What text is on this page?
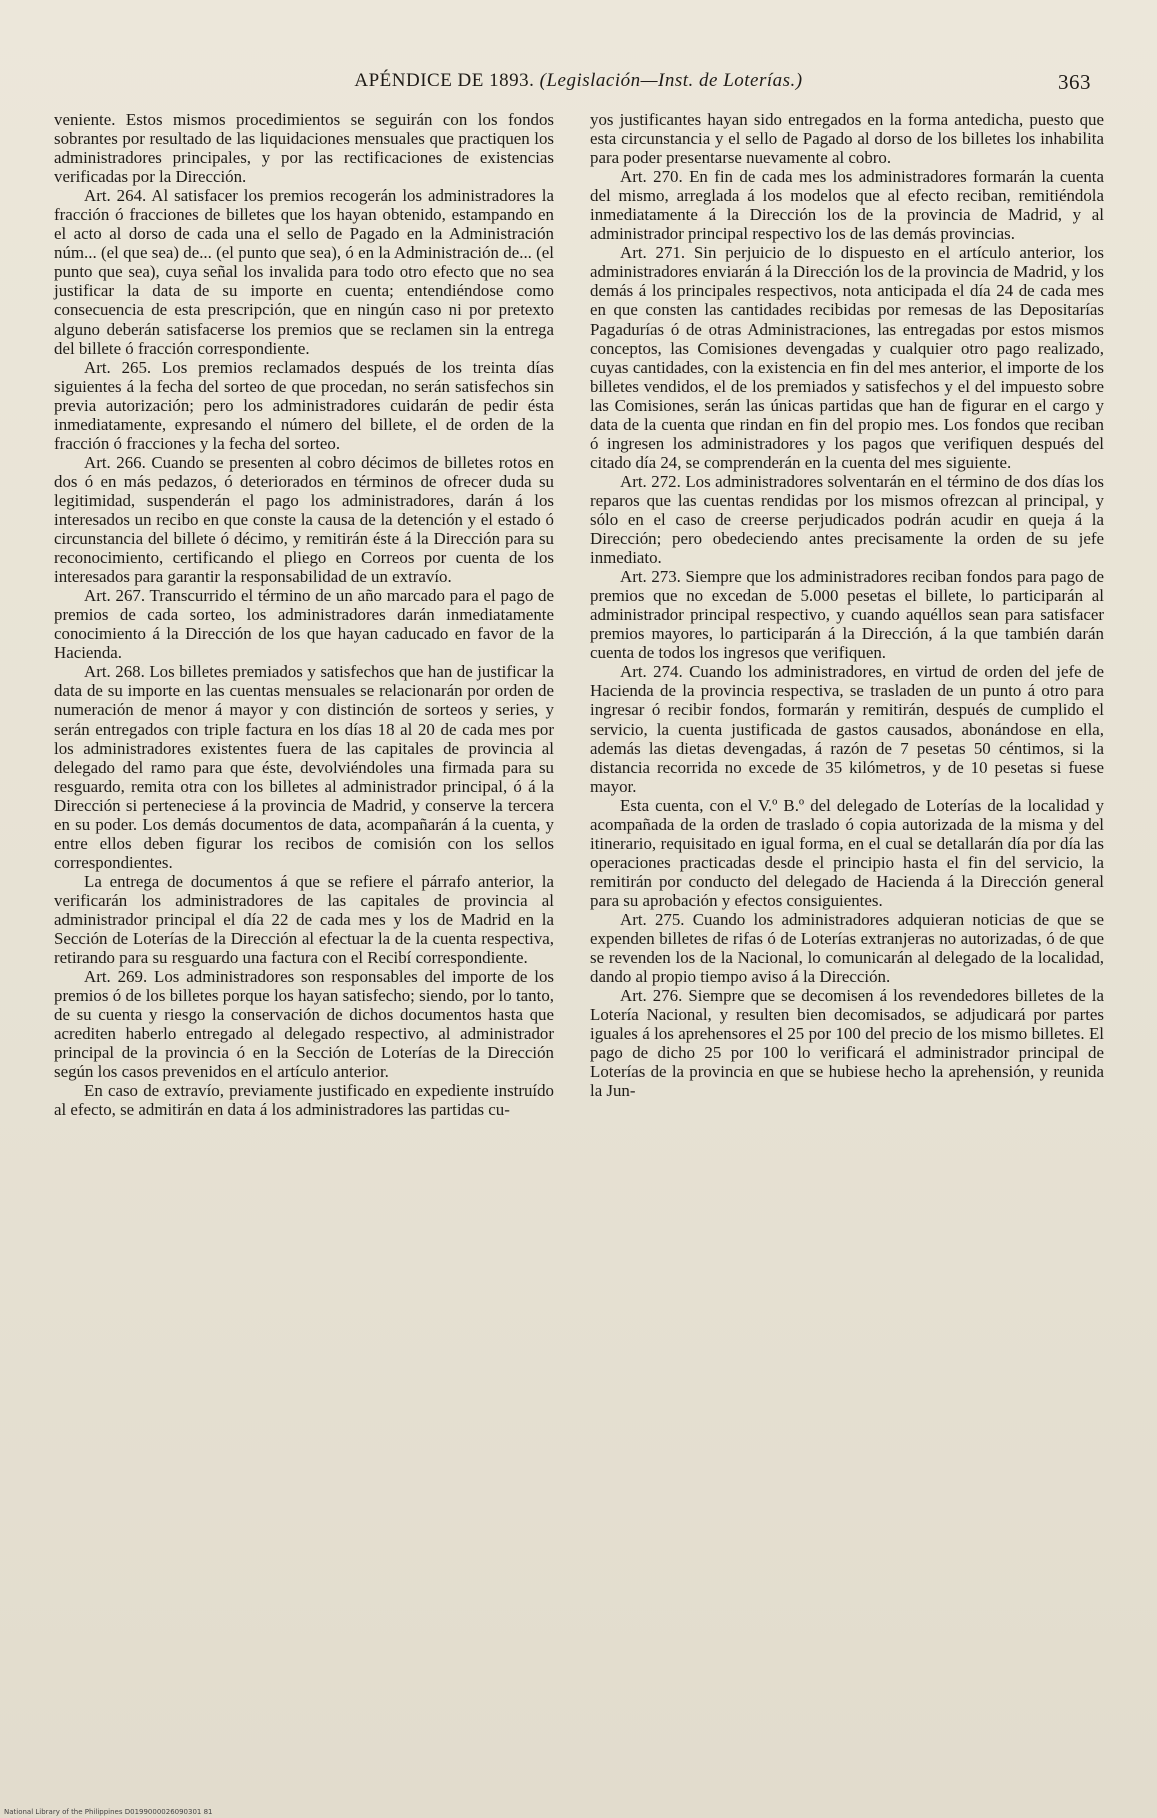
APÉNDICE DE 1893. (Legislación—Inst. de Loterías.)	363

veniente. Estos mismos procedimientos se seguirán con los fondos sobrantes por resultado de las liquidaciones mensuales que practiquen los administradores principales, y por las rectificaciones de existencias verificadas por la Dirección.

Art. 264. Al satisfacer los premios recogerán los administradores la fracción ó fracciones de billetes que los hayan obtenido, estampando en el acto al dorso de cada una el sello de Pagado en la Administración núm... (el que sea) de... (el punto que sea), ó en la Administración de... (el punto que sea), cuya señal los invalida para todo otro efecto que no sea justificar la data de su importe en cuenta; entendiéndose como consecuencia de esta prescripción, que en ningún caso ni por pretexto alguno deberán satisfacerse los premios que se reclamen sin la entrega del billete ó fracción correspondiente.

Art. 265. Los premios reclamados después de los treinta días siguientes á la fecha del sorteo de que procedan, no serán satisfechos sin previa autorización; pero los administradores cuidarán de pedir ésta inmediatamente, expresando el número del billete, el de orden de la fracción ó fracciones y la fecha del sorteo.

Art. 266. Cuando se presenten al cobro décimos de billetes rotos en dos ó en más pedazos, ó deteriorados en términos de ofrecer duda su legitimidad, suspenderán el pago los administradores, darán á los interesados un recibo en que conste la causa de la detención y el estado ó circunstancia del billete ó décimo, y remitirán éste á la Dirección para su reconocimiento, certificando el pliego en Correos por cuenta de los interesados para garantir la responsabilidad de un extravío.

Art. 267. Transcurrido el término de un año marcado para el pago de premios de cada sorteo, los administradores darán inmediatamente conocimiento á la Dirección de los que hayan caducado en favor de la Hacienda.

Art. 268. Los billetes premiados y satisfechos que han de justificar la data de su importe en las cuentas mensuales se relacionarán por orden de numeración de menor á mayor y con distinción de sorteos y series, y serán entregados con triple factura en los días 18 al 20 de cada mes por los administradores existentes fuera de las capitales de provincia al delegado del ramo para que éste, devolviéndoles una firmada para su resguardo, remita otra con los billetes al administrador principal, ó á la Dirección si perteneciese á la provincia de Madrid, y conserve la tercera en su poder. Los demás documentos de data, acompañarán á la cuenta, y entre ellos deben figurar los recibos de comisión con los sellos correspondientes.

La entrega de documentos á que se refiere el párrafo anterior, la verificarán los administradores de las capitales de provincia al administrador principal el día 22 de cada mes y los de Madrid en la Sección de Loterías de la Dirección al efectuar la de la cuenta respectiva, retirando para su resguardo una factura con el Recibí correspondiente.

Art. 269. Los administradores son responsables del importe de los premios ó de los billetes porque los hayan satisfecho; siendo, por lo tanto, de su cuenta y riesgo la conservación de dichos documentos hasta que acrediten haberlo entregado al delegado respectivo, al administrador principal de la provincia ó en la Sección de Loterías de la Dirección según los casos prevenidos en el artículo anterior.

En caso de extravío, previamente justificado en expediente instruído al efecto, se admitirán en data á los administradores las partidas cu-

yos justificantes hayan sido entregados en la forma antedicha, puesto que esta circunstancia y el sello de Pagado al dorso de los billetes los inhabilita para poder presentarse nuevamente al cobro.

Art. 270. En fin de cada mes los administradores formarán la cuenta del mismo, arreglada á los modelos que al efecto reciban, remitiéndola inmediatamente á la Dirección los de la provincia de Madrid, y al administrador principal respectivo los de las demás provincias.

Art. 271. Sin perjuicio de lo dispuesto en el artículo anterior, los administradores enviarán á la Dirección los de la provincia de Madrid, y los demás á los principales respectivos, nota anticipada el día 24 de cada mes en que consten las cantidades recibidas por remesas de las Depositarías Pagadurías ó de otras Administraciones, las entregadas por estos mismos conceptos, las Comisiones devengadas y cualquier otro pago realizado, cuyas cantidades, con la existencia en fin del mes anterior, el importe de los billetes vendidos, el de los premiados y satisfechos y el del impuesto sobre las Comisiones, serán las únicas partidas que han de figurar en el cargo y data de la cuenta que rindan en fin del propio mes. Los fondos que reciban ó ingresen los administradores y los pagos que verifiquen después del citado día 24, se comprenderán en la cuenta del mes siguiente.

Art. 272. Los administradores solventarán en el término de dos días los reparos que las cuentas rendidas por los mismos ofrezcan al principal, y sólo en el caso de creerse perjudicados podrán acudir en queja á la Dirección; pero obedeciendo antes precisamente la orden de su jefe inmediato.

Art. 273. Siempre que los administradores reciban fondos para pago de premios que no excedan de 5.000 pesetas el billete, lo participarán al administrador principal respectivo, y cuando aquéllos sean para satisfacer premios mayores, lo participarán á la Dirección, á la que también darán cuenta de todos los ingresos que verifiquen.

Art. 274. Cuando los administradores, en virtud de orden del jefe de Hacienda de la provincia respectiva, se trasladen de un punto á otro para ingresar ó recibir fondos, formarán y remitirán, después de cumplido el servicio, la cuenta justificada de gastos causados, abonándose en ella, además las dietas devengadas, á razón de 7 pesetas 50 céntimos, si la distancia recorrida no excede de 35 kilómetros, y de 10 pesetas si fuese mayor.

Esta cuenta, con el V.º B.º del delegado de Loterías de la localidad y acompañada de la orden de traslado ó copia autorizada de la misma y del itinerario, requisitado en igual forma, en el cual se detallarán día por día las operaciones practicadas desde el principio hasta el fin del servicio, la remitirán por conducto del delegado de Hacienda á la Dirección general para su aprobación y efectos consiguientes.

Art. 275. Cuando los administradores adquieran noticias de que se expenden billetes de rifas ó de Loterías extranjeras no autorizadas, ó de que se revenden los de la Nacional, lo comunicarán al delegado de la localidad, dando al propio tiempo aviso á la Dirección.

Art. 276. Siempre que se decomisen á los revendedores billetes de la Lotería Nacional, y resulten bien decomisados, se adjudicará por partes iguales á los aprehensores el 25 por 100 del precio de los mismo billetes. El pago de dicho 25 por 100 lo verificará el administrador principal de Loterías de la provincia en que se hubiese hecho la aprehensión, y reunida la Jun-

National Library of the Philippines D0199000026090301 81
